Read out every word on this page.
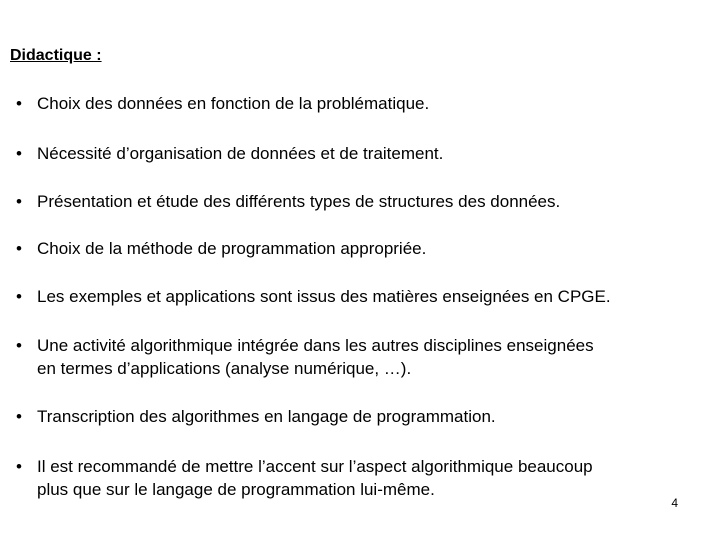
Didactique :
• Choix des données en fonction de la problématique.
• Nécessité d’organisation de données et de traitement.
• Présentation et étude des différents types de structures des données.
• Choix de la méthode de programmation appropriée.
• Les exemples et applications sont issus des matières enseignées en CPGE.
• Une activité algorithmique intégrée dans les autres disciplines enseignées
en termes d’applications (analyse numérique, …).
• Transcription des algorithmes en langage de programmation.
• Il est recommandé de mettre l’accent sur l’aspect algorithmique beaucoup
plus que sur le langage de programmation lui-même.
4
